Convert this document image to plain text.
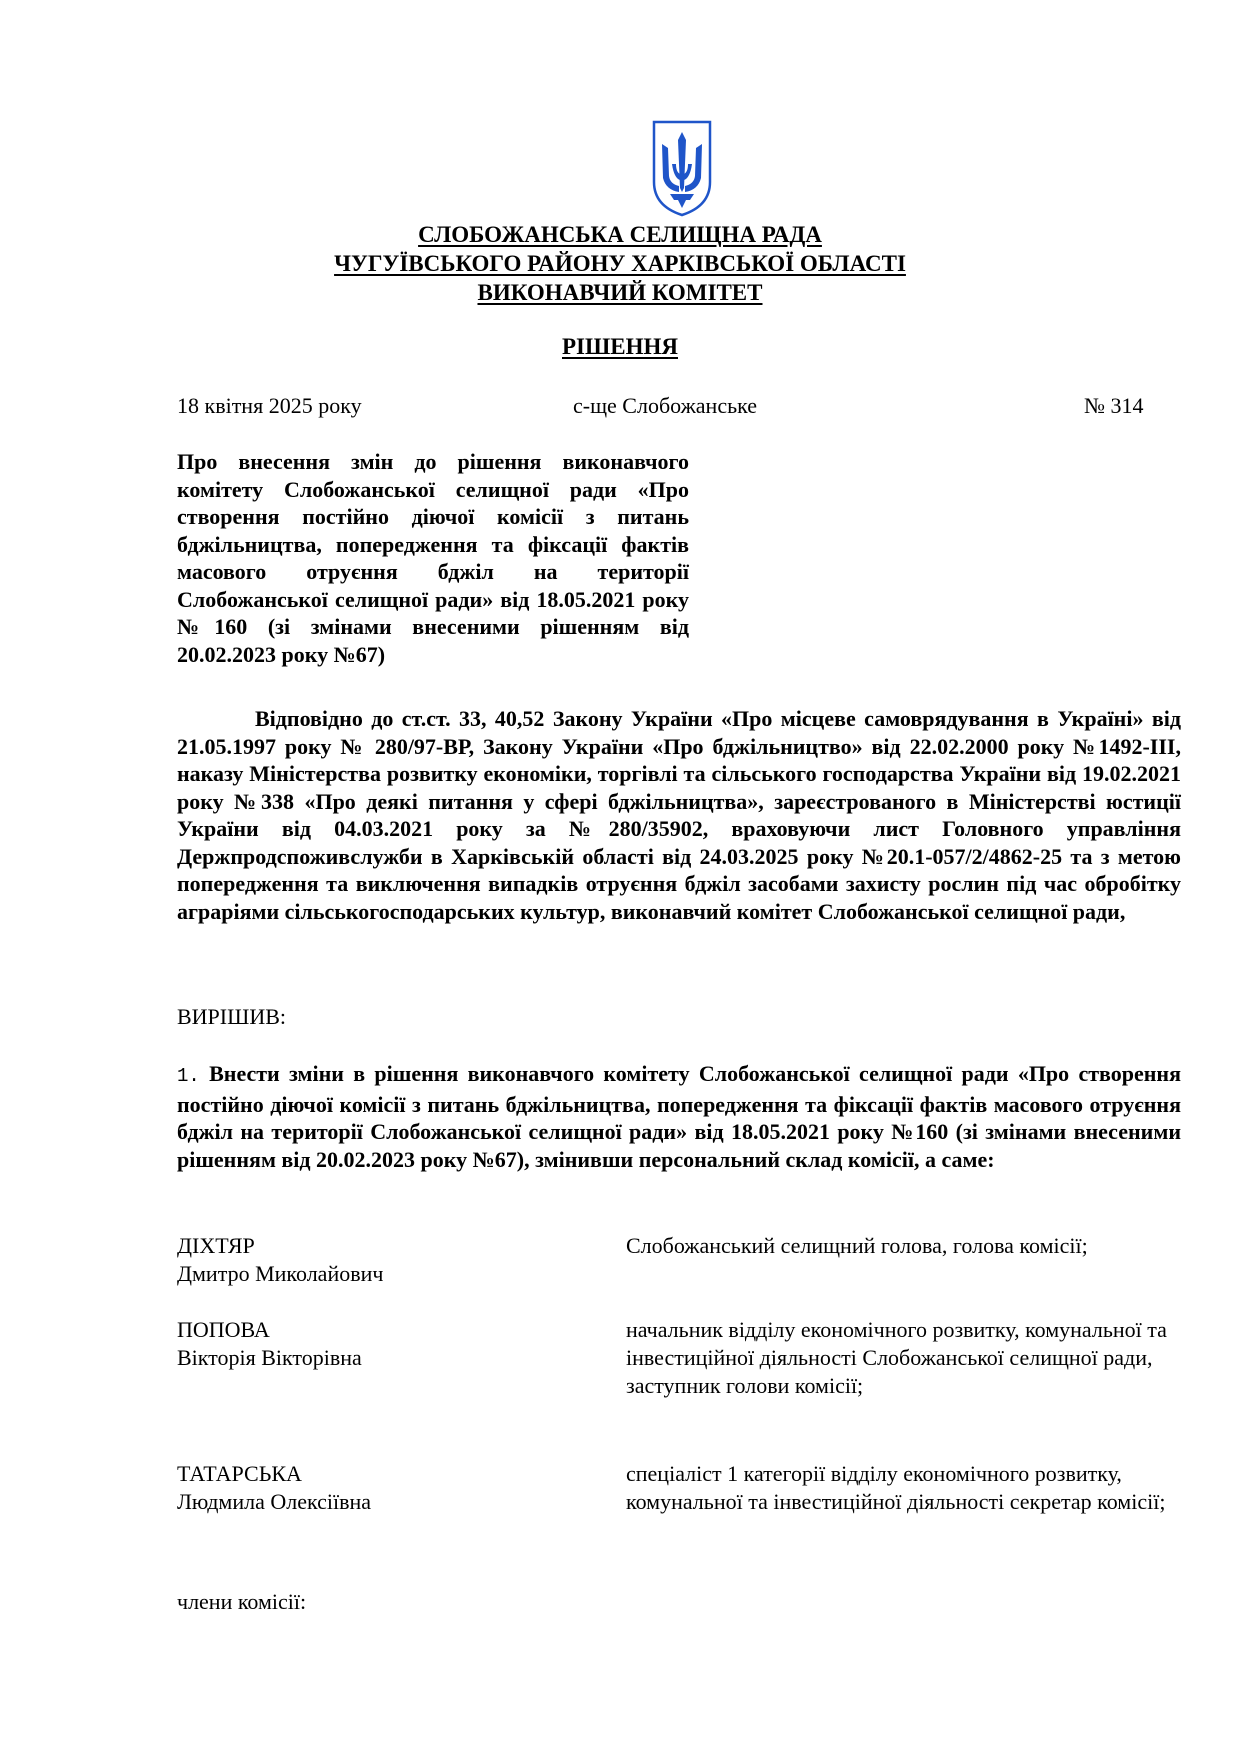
СЛОБОЖАНСЬКА СЕЛИЩНА РАДА
ЧУГУЇВСЬКОГО РАЙОНУ ХАРКІВСЬКОЇ ОБЛАСТІ
ВИКОНАВЧИЙ КОМІТЕТ
РІШЕННЯ
18 квітня 2025 року	с-ще Слобожанське	№ 314
Про внесення змін до рішення виконавчого комітету Слобожанської селищної ради «Про створення постійно діючої комісії з питань бджільництва, попередження та фіксації фактів масового отруєння бджіл на території Слобожанської селищної ради» від 18.05.2021 року №160 (зі змінами внесеними рішенням від 20.02.2023 року №67)
Відповідно до ст.ст. 33, 40,52 Закону України «Про місцеве самоврядування в Україні» від 21.05.1997 року № 280/97-ВР, Закону України «Про бджільництво» від 22.02.2000 року №1492-ІІІ, наказу Міністерства розвитку економіки, торгівлі та сільського господарства України від 19.02.2021 року №338 «Про деякі питання у сфері бджільництва», зареєстрованого в Міністерстві юстиції України від 04.03.2021 року за №280/35902, враховуючи лист Головного управління Держпродспоживслужби в Харківській області від 24.03.2025 року №20.1-057/2/4862-25 та з метою попередження та виключення випадків отруєння бджіл засобами захисту рослин під час обробітку аграріями сільськогосподарських культур, виконавчий комітет Слобожанської селищної ради,
ВИРІШИВ:
1. Внести зміни в рішення виконавчого комітету Слобожанської селищної ради «Про створення постійно діючої комісії з питань бджільництва, попередження та фіксації фактів масового отруєння бджіл на території Слобожанської селищної ради» від 18.05.2021 року №160 (зі змінами внесеними рішенням від 20.02.2023 року №67), змінивши персональний склад комісії, а саме:
ДІХТЯР
Дмитро Миколайович
Слобожанський селищний голова, голова комісії;
ПОПОВА
Вікторія Вікторівна
начальник відділу економічного розвитку, комунальної та інвестиційної діяльності Слобожанської селищної ради, заступник голови комісії;
ТАТАРСЬКА
Людмила Олексіївна
спеціаліст 1 категорії відділу економічного розвитку, комунальної та інвестиційної діяльності секретар комісії;
члени комісії:
